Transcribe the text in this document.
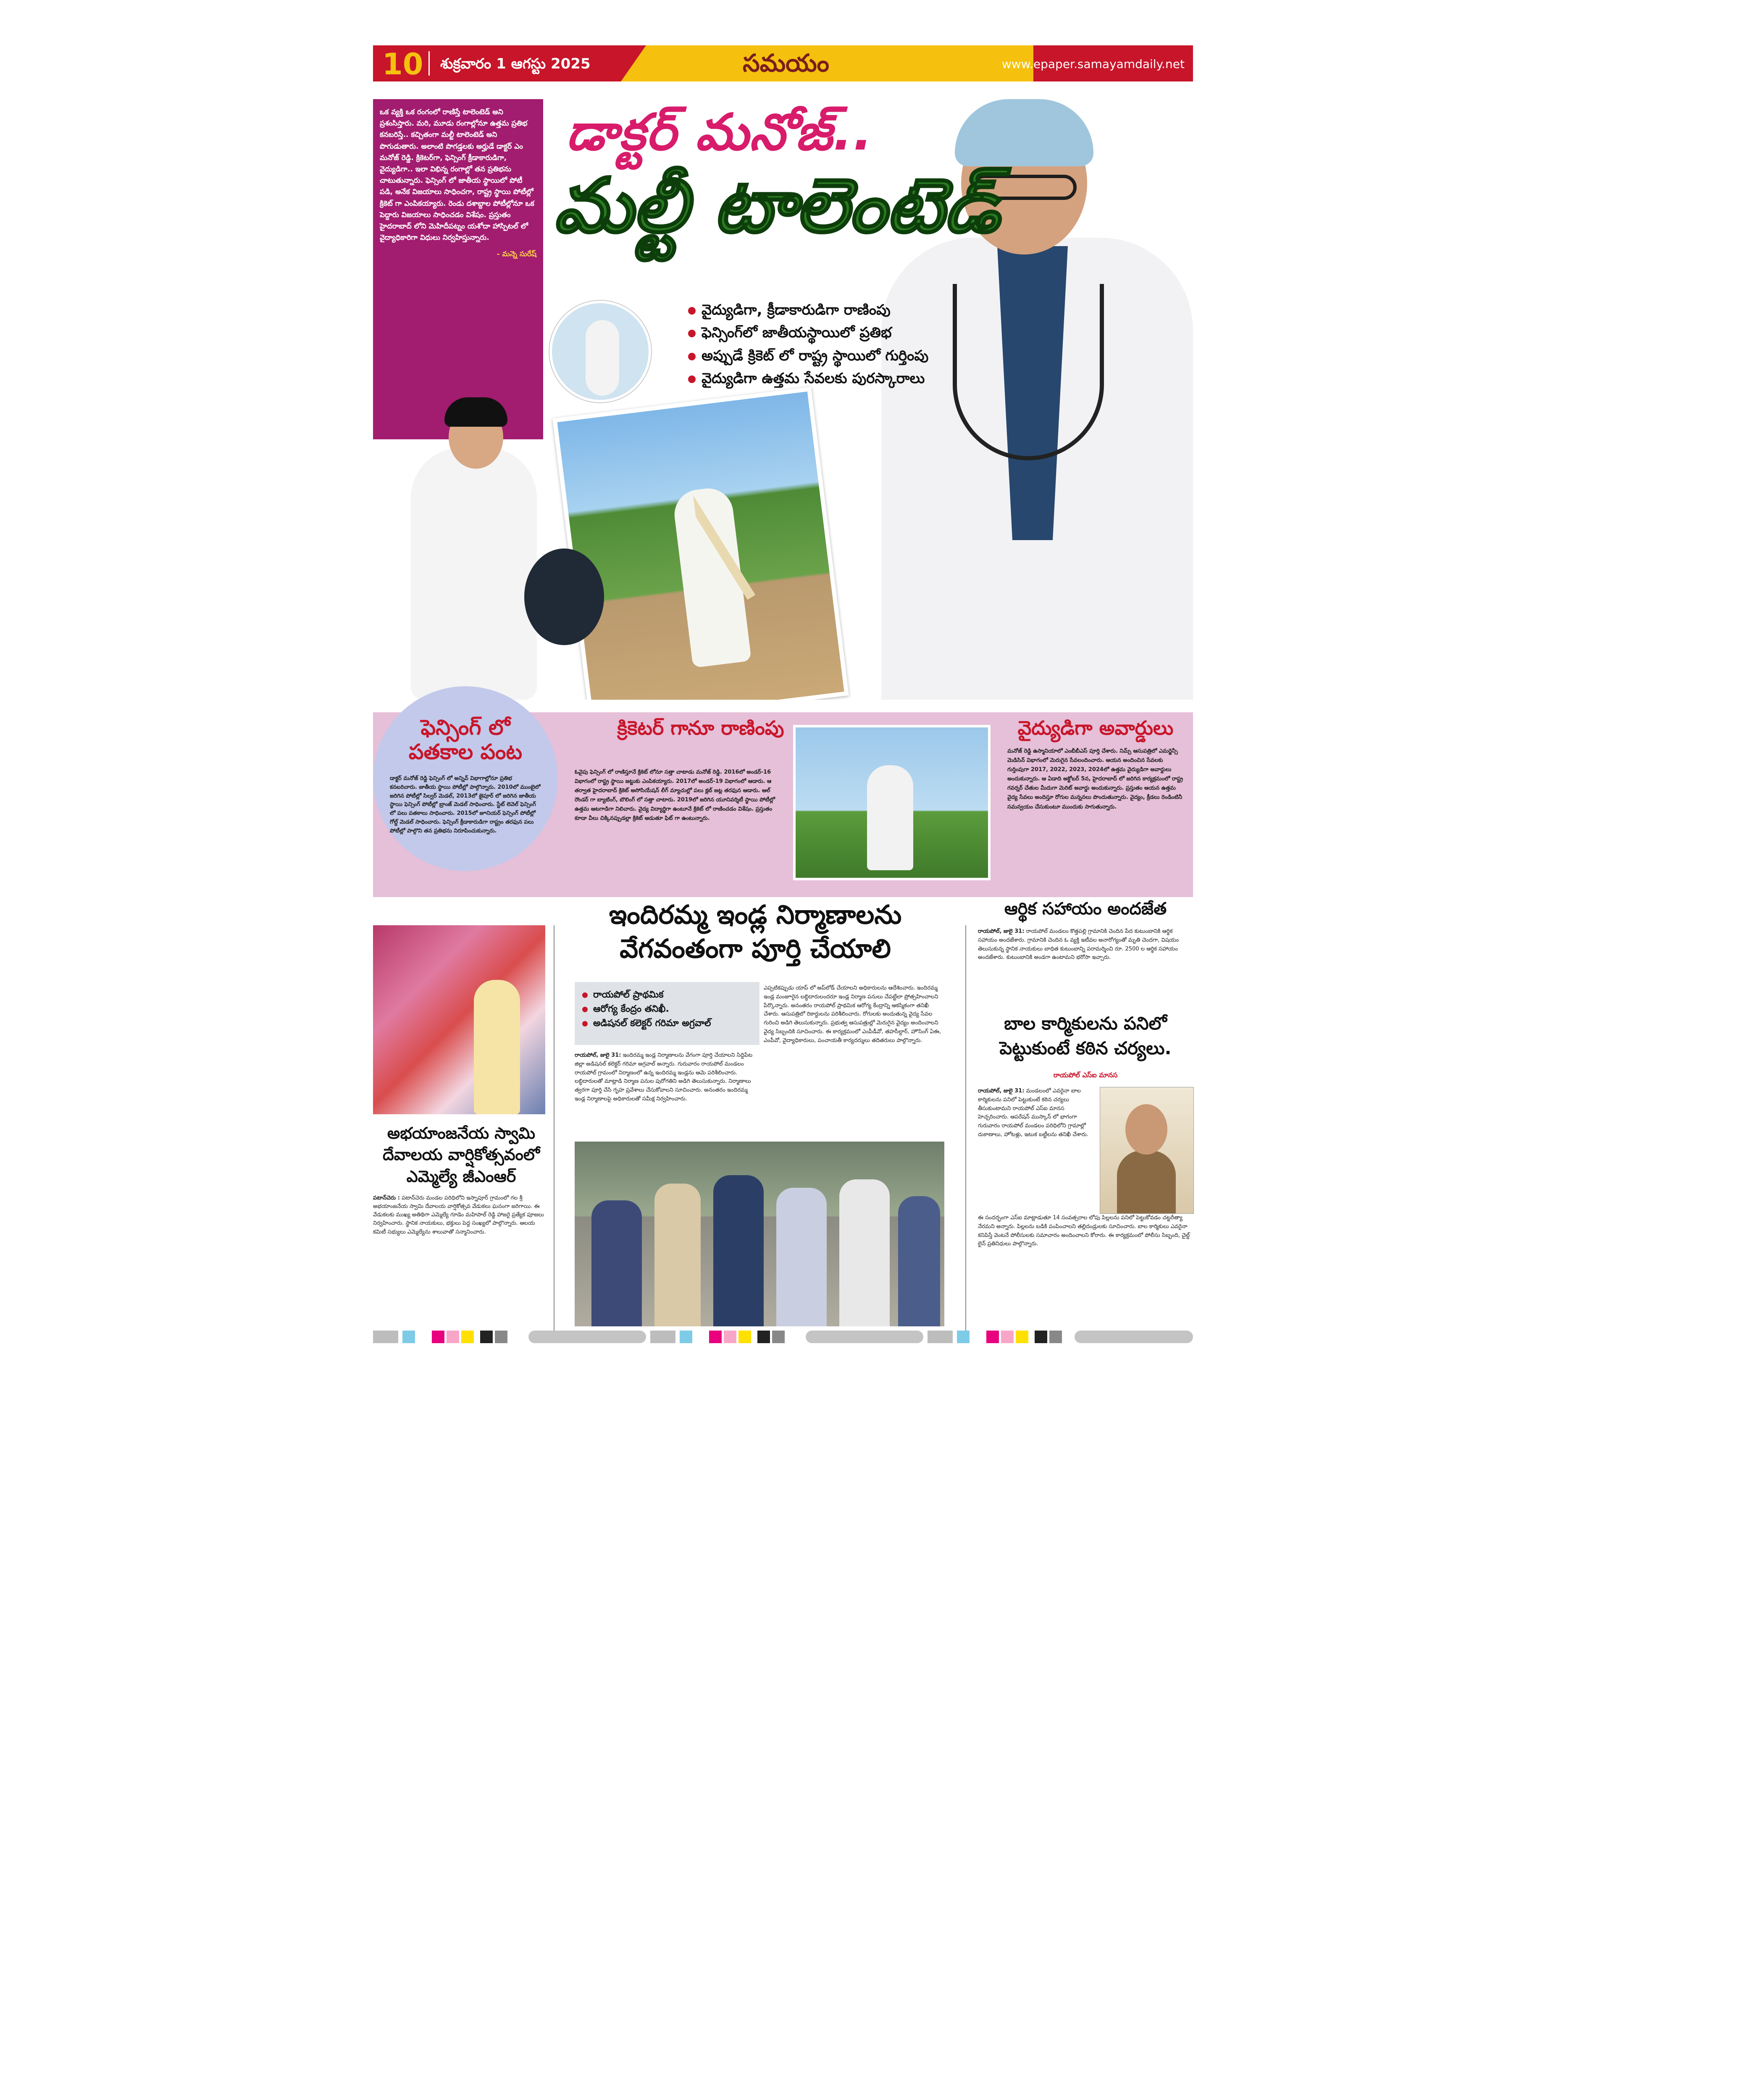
10 శుక్రవారం 1 ఆగస్టు 2025	సమయం	www.epaper.samayamdaily.net
ఒక వ్యక్తి ఒక రంగంలో రాణిస్తే టాలెంటెడ్ అని ప్రశంసిస్తారు. మరి, మూడు రంగాల్లోనూ ఉత్తమ ప్రతిభ కనబరిస్తే.. కచ్చితంగా మల్టీ టాలెంటెడ్ అని పొగుడుతారు. అలాంటి పొగడ్తలకు అర్హుడే డాక్టర్ ఎం మనోజ్ రెడ్డి. క్రికెటర్‌గా, ఫెన్సింగ్ క్రీడాకారుడిగా, వైద్యుడిగా.. ఇలా విభిన్న రంగాల్లో తన ప్రతిభను చాటుతున్నారు. ఫెన్సింగ్ లో జాతీయ స్థాయిలో పోటీ పడి, అనేక విజయాలు సాధించగా, రాష్ట్ర స్థాయి పోటీల్లో క్రికెట్ గా ఎంపికయ్యారు. రెండు దశాబ్దాల పోటీల్లోనూ ఒక పెద్దారు విజయాలు సాధించడం విశేషం. ప్రస్తుతం హైదరాబాద్ లోని మెహిదీపట్నం యశోదా హాస్పిటల్ లో వైద్యాధికారిగా విధులు నిర్వహిస్తున్నారు.
- మన్నె సురేష్
డాక్టర్ మనోజ్..
మల్టీ టాలెంటెడ్
వైద్యుడిగా, క్రీడాకారుడిగా రాణింపు
ఫెన్సింగ్‌లో జాతీయస్థాయిలో ప్రతిభ
అప్పుడే క్రికెట్ లో రాష్ట్ర స్థాయిలో గుర్తింపు
వైద్యుడిగా ఉత్తమ సేవలకు పురస్కారాలు
ఫెన్సింగ్ లో పతకాల పంట
డాక్టర్ మనోజ్ రెడ్డి ఫెన్సింగ్ లో అన్నివ్ విభాగాల్లోనూ ప్రతిభ కనబరిచారు. జాతీయ స్థాయి పోటీల్లో పాల్గొన్నారు. 2010లో ముంబైలో జరిగిన పోటీల్లో సిల్వర్ మెడల్, 2013లో జైపూర్ లో జరిగిన జాతీయ స్థాయి ఫెన్సింగ్ పోటీల్లో బ్రాంజ్ మెడల్ సాధించారు. స్టేట్ లెవెల్ ఫెన్సింగ్ లో పలు పతకాలు సాధించారు. 2015లో జూనియర్ ఫెన్సింగ్ పోటీల్లో గోల్డ్ మెడల్ సాధించారు. ఫెన్సింగ్ క్రీడాకారుడిగా రాష్ట్రం తరఫున పలు పోటీల్లో పాల్గొని తన ప్రతిభను నిరూపించుకున్నారు.
క్రికెటర్ గానూ రాణింపు
ఓవైపు ఫెన్సింగ్ లో రాణిస్తూనే క్రికెట్ లోనూ సత్తా చాటాడు మనోజ్ రెడ్డి. 2016లో అండర్-16 విభాగంలో రాష్ట్ర స్థాయి జట్టుకు ఎంపికయ్యారు. 2017లో అండర్-19 విభాగంలో ఆడారు. ఆ తర్వాత హైదరాబాద్ క్రికెట్ అసోసియేషన్ లీగ్ మ్యాచుల్లో పలు క్లబ్ జట్ల తరఫున ఆడారు. ఆల్ రౌండర్ గా బ్యాటింగ్, బౌలింగ్ లో సత్తా చాటారు. 2019లో జరిగిన యూనివర్శిటీ స్థాయి పోటీల్లో ఉత్తమ ఆటగాడిగా నిలిచారు. వైద్య విద్యార్థిగా ఉంటూనే క్రికెట్ లో రాణించడం విశేషం. ప్రస్తుతం కూడా వీలు చిక్కినప్పుడల్లా క్రికెట్ ఆడుతూ ఫిట్ గా ఉంటున్నారు.
వైద్యుడిగా అవార్డులు
మనోజ్ రెడ్డి ఉస్మానియాలో ఎంబీబీఎస్ పూర్తి చేశారు. నిమ్స్ ఆసుపత్రిలో ఎమర్జెన్సీ మెడిసిన్ విభాగంలో మెరుగైన సేవలందించారు. ఆయన అందించిన సేవలకు గుర్తింపుగా 2017, 2022, 2023, 2024లో ఉత్తమ వైద్యుడిగా అవార్డులు అందుకున్నారు. ఆ ఏడాది అక్టోబర్ 5న, హైదరాబాద్ లో జరిగిన కార్యక్రమంలో రాష్ట్ర గవర్నర్ చేతుల మీదుగా మెరిట్ అవార్డు అందుకున్నారు. ప్రస్తుతం ఆయన ఉత్తమ వైద్య సేవలు అందిస్తూ రోగుల మన్ననలు పొందుతున్నారు. వైద్యం, క్రీడలు రెండింటినీ సమన్వయం చేసుకుంటూ ముందుకు సాగుతున్నారు.
అభయాంజనేయ స్వామి దేవాలయ వార్షికోత్సవంలో ఎమ్మెల్యే జీఎంఆర్
పటాన్‌చెరు : పటాన్‌చెరు మండల పరిధిలోని ఇస్నాపూర్ గ్రామంలో గల శ్రీ అభయాంజనేయ స్వామి దేవాలయ వార్షికోత్సవ వేడుకలు ఘనంగా జరిగాయి. ఈ వేడుకలకు ముఖ్య అతిథిగా ఎమ్మెల్యే గూడెం మహిపాల్ రెడ్డి హాజరై ప్రత్యేక పూజలు నిర్వహించారు. స్థానిక నాయకులు, భక్తులు పెద్ద సంఖ్యలో పాల్గొన్నారు. ఆలయ కమిటీ సభ్యులు ఎమ్మెల్యేను శాలువాతో సన్మానించారు.
ఇందిరమ్మ ఇండ్ల నిర్మాణాలను వేగవంతంగా పూర్తి చేయాలి
రాయపోల్ ప్రాథమిక
ఆరోగ్య కేంద్రం తనిఖీ.
అడిషనల్ కలెక్టర్ గరిమా అగ్రవాల్
రాయపోల్, జులై 31: ఇందిరమ్మ ఇండ్ల నిర్మాణాలను వేగంగా పూర్తి చేయాలని సిద్దిపేట జిల్లా అడిషనల్ కలెక్టర్ గరిమా అగ్రవాల్ అన్నారు. గురువారం రాయపోల్ మండలం రాయపోల్ గ్రామంలో నిర్మాణంలో ఉన్న ఇందిరమ్మ ఇండ్లను ఆమె పరిశీలించారు. లబ్ధిదారులతో మాట్లాడి నిర్మాణ పనుల పురోగతిని అడిగి తెలుసుకున్నారు. నిర్మాణాలు త్వరగా పూర్తి చేసి గృహ ప్రవేశాలు చేసుకోవాలని సూచించారు. అనంతరం ఇందిరమ్మ ఇండ్ల నిర్మాణాలపై అధికారులతో సమీక్ష నిర్వహించారు.
ఎప్పటికప్పుడు యాప్ లో అప్‌లోడ్ చేయాలని అధికారులను ఆదేశించారు. ఇందిరమ్మ ఇండ్ల మంజూరైన లబ్ధిదారులందరూ ఇండ్ల నిర్మాణ పనులు చేపట్టేలా ప్రోత్సహించాలని పేర్కొన్నారు. అనంతరం రాయపోల్ ప్రాథమిక ఆరోగ్య కేంద్రాన్ని ఆకస్మికంగా తనిఖీ చేశారు. ఆసుపత్రిలో రికార్డులను పరిశీలించారు. రోగులకు అందుతున్న వైద్య సేవల గురించి అడిగి తెలుసుకున్నారు. ప్రభుత్వ ఆసుపత్రుల్లో మెరుగైన వైద్యం అందించాలని వైద్య సిబ్బందికి సూచించారు. ఈ కార్యక్రమంలో ఎంపీడీవో, తహసీల్దార్, హౌసింగ్ ఏఈ, ఎంపీవో, వైద్యాధికారులు, పంచాయతీ కార్యదర్శులు తదితరులు పాల్గొన్నారు.
ఆర్థిక సహాయం అందజేత
రాయపోల్, జులై 31: రాయపోల్ మండలం కొత్తపల్లి గ్రామానికి చెందిన పేద కుటుంబానికి ఆర్థిక సహాయం అందజేశారు. గ్రామానికి చెందిన ఓ వ్యక్తి ఇటీవల అనారోగ్యంతో మృతి చెందగా, విషయం తెలుసుకున్న స్థానిక నాయకులు బాధిత కుటుంబాన్ని పరామర్శించి రూ. 2500 ల ఆర్థిక సహాయం అందజేశారు. కుటుంబానికి అండగా ఉంటామని భరోసా ఇచ్చారు.
బాల కార్మికులను పనిలో పెట్టుకుంటే కఠిన చర్యలు.
రాయపోల్ ఎస్ఐ మానస
రాయపోల్, జులై 31: మండలంలో ఎవరైనా బాల కార్మికులను పనిలో పెట్టుకుంటే కఠిన చర్యలు తీసుకుంటామని రాయపోల్ ఎస్ఐ మానస హెచ్చరించారు. ఆపరేషన్ ముస్కాన్ లో భాగంగా గురువారం రాయపోల్ మండలం పరిధిలోని గ్రామాల్లో దుకాణాలు, హోటళ్లు, ఇటుక బట్టీలను తనిఖీ చేశారు.
ఈ సందర్భంగా ఎస్ఐ మాట్లాడుతూ 14 సంవత్సరాల లోపు పిల్లలను పనిలో పెట్టుకోవడం చట్టరీత్యా నేరమని అన్నారు. పిల్లలను బడికి పంపించాలని తల్లిదండ్రులకు సూచించారు. బాల కార్మికులు ఎవరైనా కనిపిస్తే వెంటనే పోలీసులకు సమాచారం అందించాలని కోరారు. ఈ కార్యక్రమంలో పోలీసు సిబ్బంది, చైల్డ్ లైన్ ప్రతినిధులు పాల్గొన్నారు.
